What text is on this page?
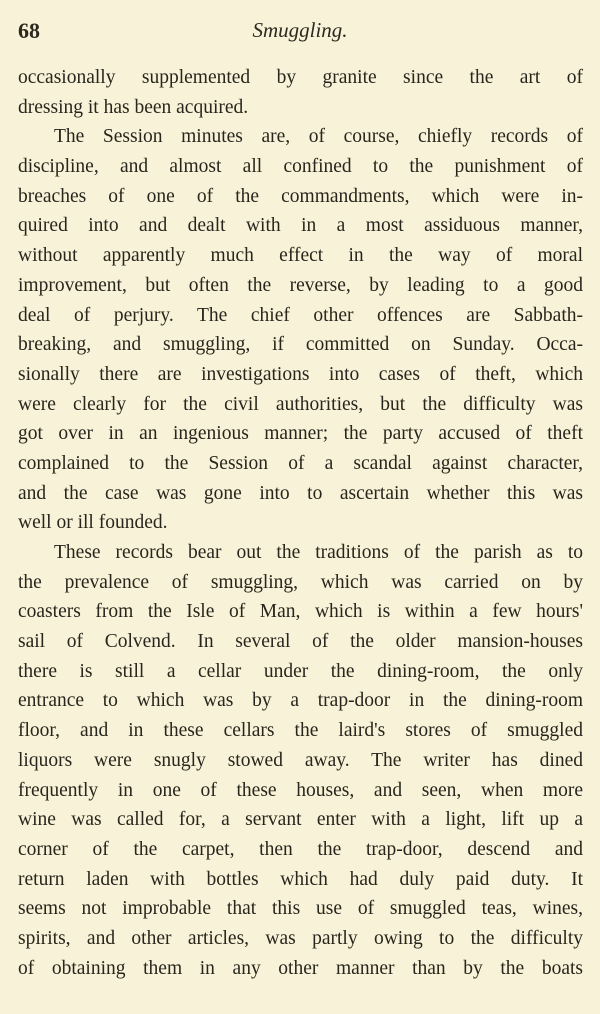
68	Smuggling.
occasionally supplemented by granite since the art of
dressing it has been acquired.
The Session minutes are, of course, chiefly records of
discipline, and almost all confined to the punishment of
breaches of one of the commandments, which were in-
quired into and dealt with in a most assiduous manner,
without apparently much effect in the way of moral
improvement, but often the reverse, by leading to a good
deal of perjury. The chief other offences are Sabbath-
breaking, and smuggling, if committed on Sunday. Occa-
sionally there are investigations into cases of theft, which
were clearly for the civil authorities, but the difficulty was
got over in an ingenious manner; the party accused of theft
complained to the Session of a scandal against character,
and the case was gone into to ascertain whether this was
well or ill founded.
These records bear out the traditions of the parish as to
the prevalence of smuggling, which was carried on by
coasters from the Isle of Man, which is within a few hours'
sail of Colvend. In several of the older mansion-houses
there is still a cellar under the dining-room, the only
entrance to which was by a trap-door in the dining-room
floor, and in these cellars the laird's stores of smuggled
liquors were snugly stowed away. The writer has dined
frequently in one of these houses, and seen, when more
wine was called for, a servant enter with a light, lift up a
corner of the carpet, then the trap-door, descend and
return laden with bottles which had duly paid duty. It
seems not improbable that this use of smuggled teas, wines,
spirits, and other articles, was partly owing to the difficulty
of obtaining them in any other manner than by the boats
